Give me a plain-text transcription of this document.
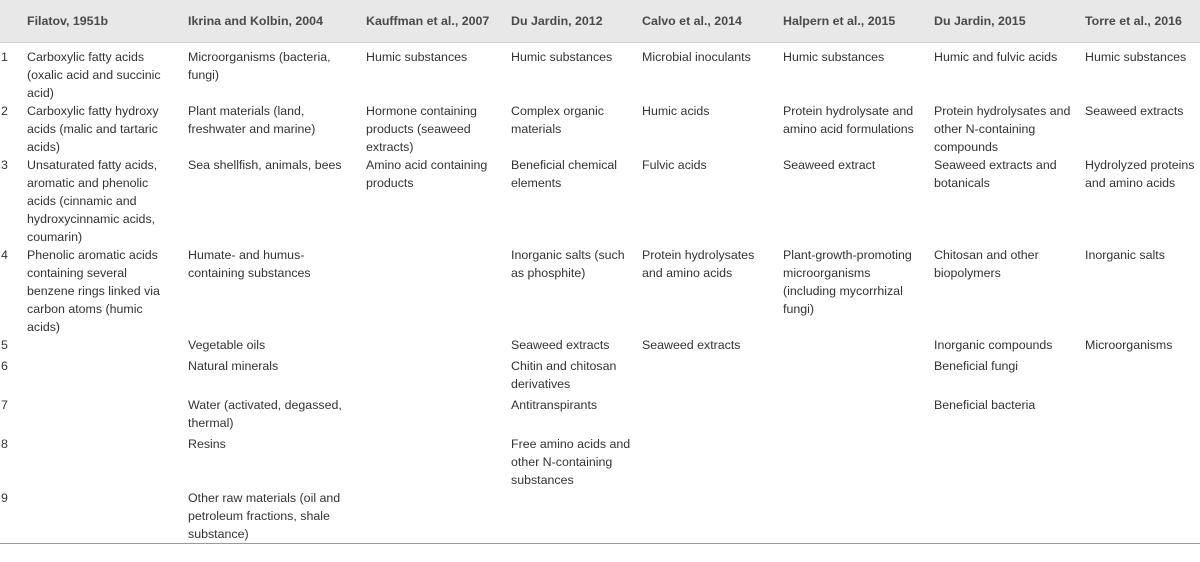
	Filatov, 1951b	Ikrina and Kolbin, 2004	Kauffman et al., 2007	Du Jardin, 2012	Calvo et al., 2014	Halpern et al., 2015	Du Jardin, 2015	Torre et al., 2016
1	Carboxylic fatty acids (oxalic acid and succinic acid)	Microorganisms (bacteria, fungi)	Humic substances	Humic substances	Microbial inoculants	Humic substances	Humic and fulvic acids	Humic substances
2	Carboxylic fatty hydroxy acids (malic and tartaric acids)	Plant materials (land, freshwater and marine)	Hormone containing products (seaweed extracts)	Complex organic materials	Humic acids	Protein hydrolysate and amino acid formulations	Protein hydrolysates and other N-containing compounds	Seaweed extracts
3	Unsaturated fatty acids, aromatic and phenolic acids (cinnamic and hydroxycinnamic acids, coumarin)	Sea shellfish, animals, bees	Amino acid containing products	Beneficial chemical elements	Fulvic acids	Seaweed extract	Seaweed extracts and botanicals	Hydrolyzed proteins and amino acids
4	Phenolic aromatic acids containing several benzene rings linked via carbon atoms (humic acids)	Humate- and humus-containing substances		Inorganic salts (such as phosphite)	Protein hydrolysates and amino acids	Plant-growth-promoting microorganisms (including mycorrhizal fungi)	Chitosan and other biopolymers	Inorganic salts
5		Vegetable oils		Seaweed extracts	Seaweed extracts		Inorganic compounds	Microorganisms
6		Natural minerals		Chitin and chitosan derivatives			Beneficial fungi	
7		Water (activated, degassed, thermal)		Antitranspirants			Beneficial bacteria	
8		Resins		Free amino acids and other N-containing substances				
9		Other raw materials (oil and petroleum fractions, shale substance)						
